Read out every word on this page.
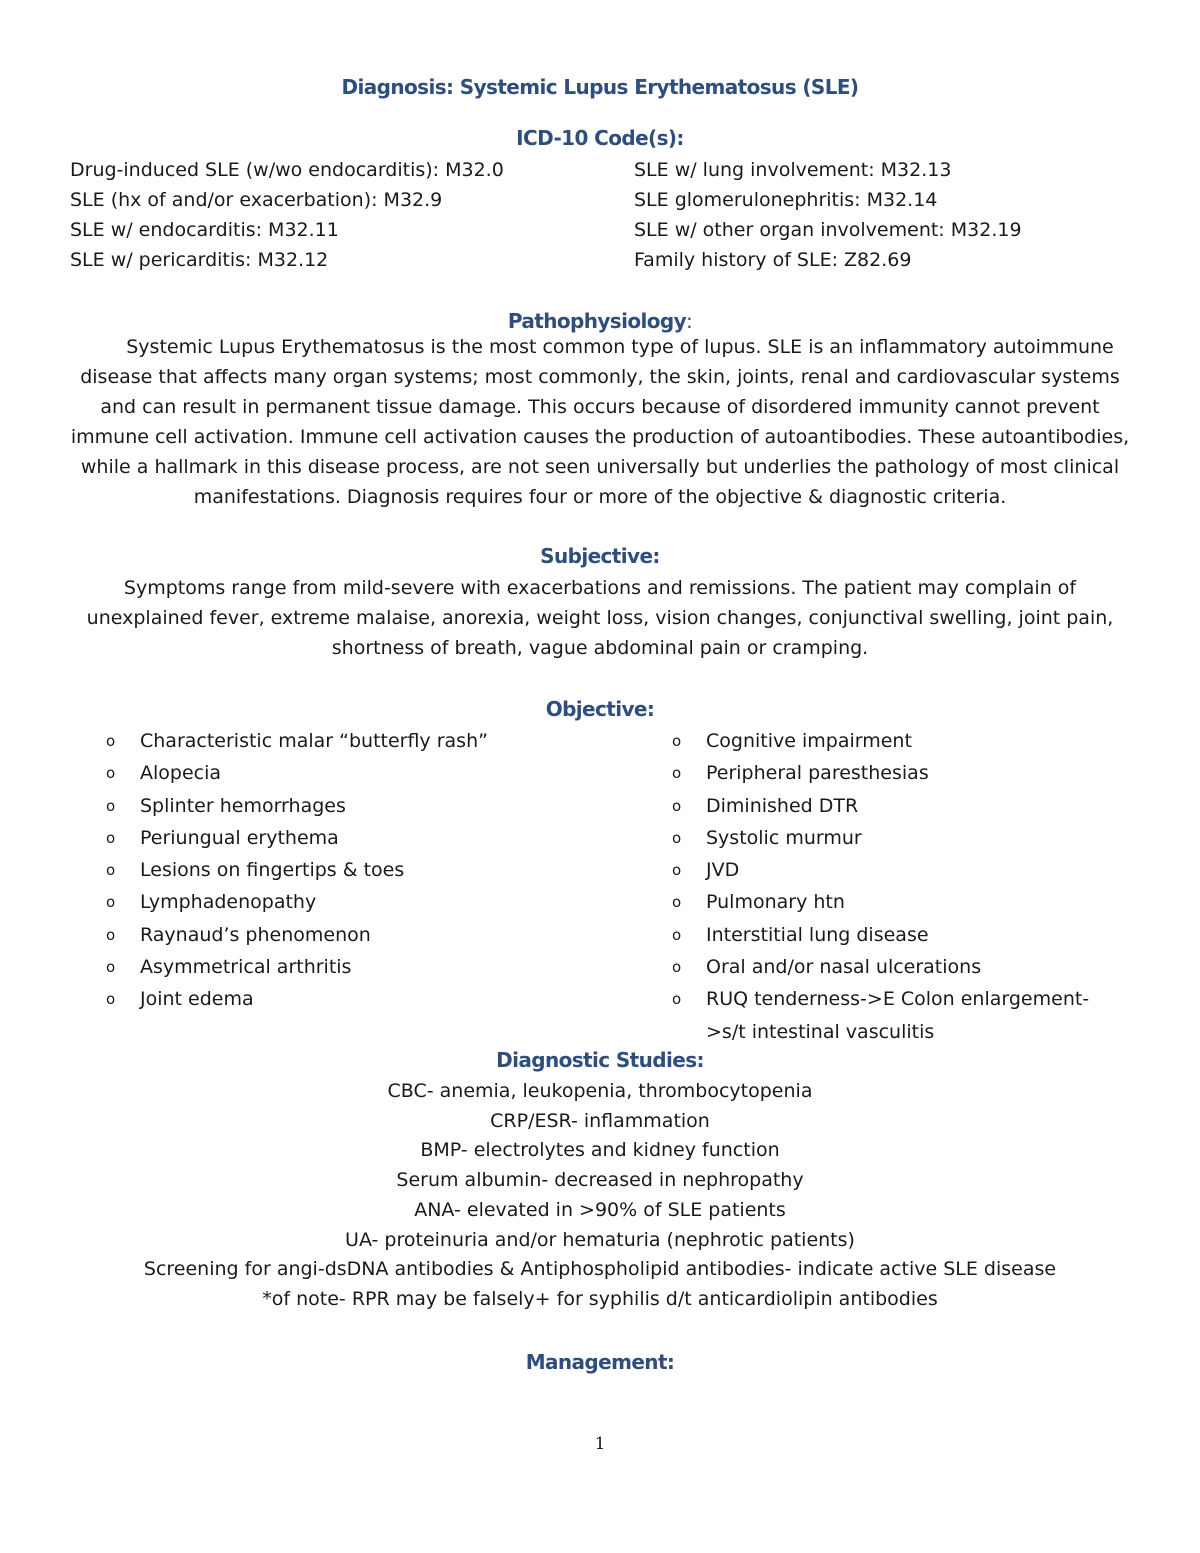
Diagnosis: Systemic Lupus Erythematosus (SLE)
ICD-10 Code(s):
Drug-induced SLE (w/wo endocarditis): M32.0
SLE (hx of and/or exacerbation): M32.9
SLE w/ endocarditis: M32.11
SLE w/ pericarditis: M32.12
SLE w/ lung involvement: M32.13
SLE glomerulonephritis: M32.14
SLE w/ other organ involvement: M32.19
Family history of SLE: Z82.69
Pathophysiology:
Systemic Lupus Erythematosus is the most common type of lupus. SLE is an inflammatory autoimmune
disease that affects many organ systems; most commonly, the skin, joints, renal and cardiovascular systems
and can result in permanent tissue damage. This occurs because of disordered immunity cannot prevent
immune cell activation. Immune cell activation causes the production of autoantibodies. These autoantibodies,
while a hallmark in this disease process, are not seen universally but underlies the pathology of most clinical
manifestations. Diagnosis requires four or more of the objective & diagnostic criteria.
Subjective:
Symptoms range from mild-severe with exacerbations and remissions. The patient may complain of
unexplained fever, extreme malaise, anorexia, weight loss, vision changes, conjunctival swelling, joint pain,
shortness of breath, vague abdominal pain or cramping.
Objective:
o Characteristic malar “butterfly rash”
o Alopecia
o Splinter hemorrhages
o Periungual erythema
o Lesions on fingertips & toes
o Lymphadenopathy
o Raynaud’s phenomenon
o Asymmetrical arthritis
o Joint edema
o Cognitive impairment
o Peripheral paresthesias
o Diminished DTR
o Systolic murmur
o JVD
o Pulmonary htn
o Interstitial lung disease
o Oral and/or nasal ulcerations
o RUQ tenderness->E Colon enlargement-
>s/t intestinal vasculitis
Diagnostic Studies:
CBC- anemia, leukopenia, thrombocytopenia
CRP/ESR- inflammation
BMP- electrolytes and kidney function
Serum albumin- decreased in nephropathy
ANA- elevated in >90% of SLE patients
UA- proteinuria and/or hematuria (nephrotic patients)
Screening for angi-dsDNA antibodies & Antiphospholipid antibodies- indicate active SLE disease
*of note- RPR may be falsely+ for syphilis d/t anticardiolipin antibodies
Management:
1
